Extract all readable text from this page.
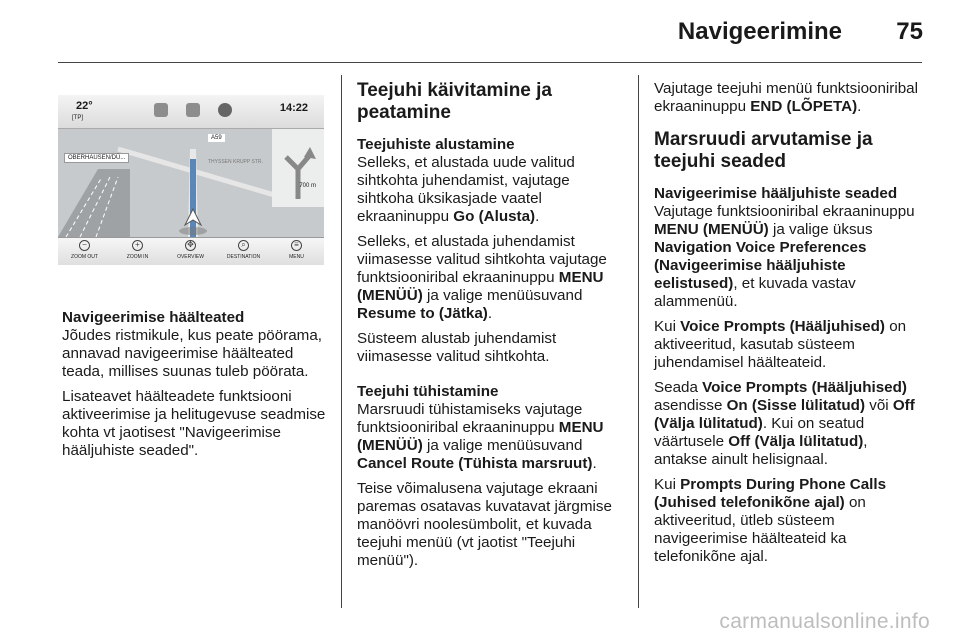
Navigeerimine 75
22°
[TP]
14:22
OBERHAUSEN/DÜ...
A59
THYSSEN KRUPP STR.
700 m
−
ZOOM OUT
+
ZOOM IN
✥
OVERVIEW
⌕
DESTINATION
≡
MENU
Navigeerimise häälteated

Jõudes ristmikule, kus peate pöörama, annavad navigeerimise häälteated teada, millises suunas tuleb pöörata.

Lisateavet häälteadete funktsiooni aktiveerimise ja helitugevuse seadmise kohta vt jaotisest "Navigeerimise hääljuhiste seaded".

Teejuhi käivitamine ja peatamine
Teejuhiste alustamine

Selleks, et alustada uude valitud sihtkohta juhendamist, vajutage sihtkoha üksikasjade vaatel ekraaninuppu Go (Alusta).

Selleks, et alustada juhendamist viimasesse valitud sihtkohta vajutage funktsiooniribal ekraaninuppu MENU (MENÜÜ) ja valige menüüsuvand Resume to (Jätka).

Süsteem alustab juhendamist viimasesse valitud sihtkohta.

Teejuhi tühistamine

Marsruudi tühistamiseks vajutage funktsiooniribal ekraaninuppu MENU (MENÜÜ) ja valige menüüsuvand Cancel Route (Tühista marsruut).

Teise võimalusena vajutage ekraani paremas osatavas kuvatavat järgmise manöövri noolesümbolit, et kuvada teejuhi menüü (vt jaotist "Teejuhi menüü").

Vajutage teejuhi menüü funktsiooniribal ekraaninuppu END (LÕPETA).

Marsruudi arvutamise ja teejuhi seaded
Navigeerimise hääljuhiste seaded

Vajutage funktsiooniribal ekraaninuppu MENU (MENÜÜ) ja valige üksus Navigation Voice Preferences (Navigeerimise hääljuhiste eelistused), et kuvada vastav alammenüü.

Kui Voice Prompts (Hääljuhised) on aktiveeritud, kasutab süsteem juhendamisel häälteateid.

Seada Voice Prompts (Hääljuhised) asendisse On (Sisse lülitatud) või Off (Välja lülitatud). Kui on seatud väärtusele Off (Välja lülitatud), antakse ainult helisignaal.

Kui Prompts During Phone Calls (Juhised telefonikõne ajal) on aktiveeritud, ütleb süsteem navigeerimise häälteateid ka telefonikõne ajal.

carmanualsonline.info
